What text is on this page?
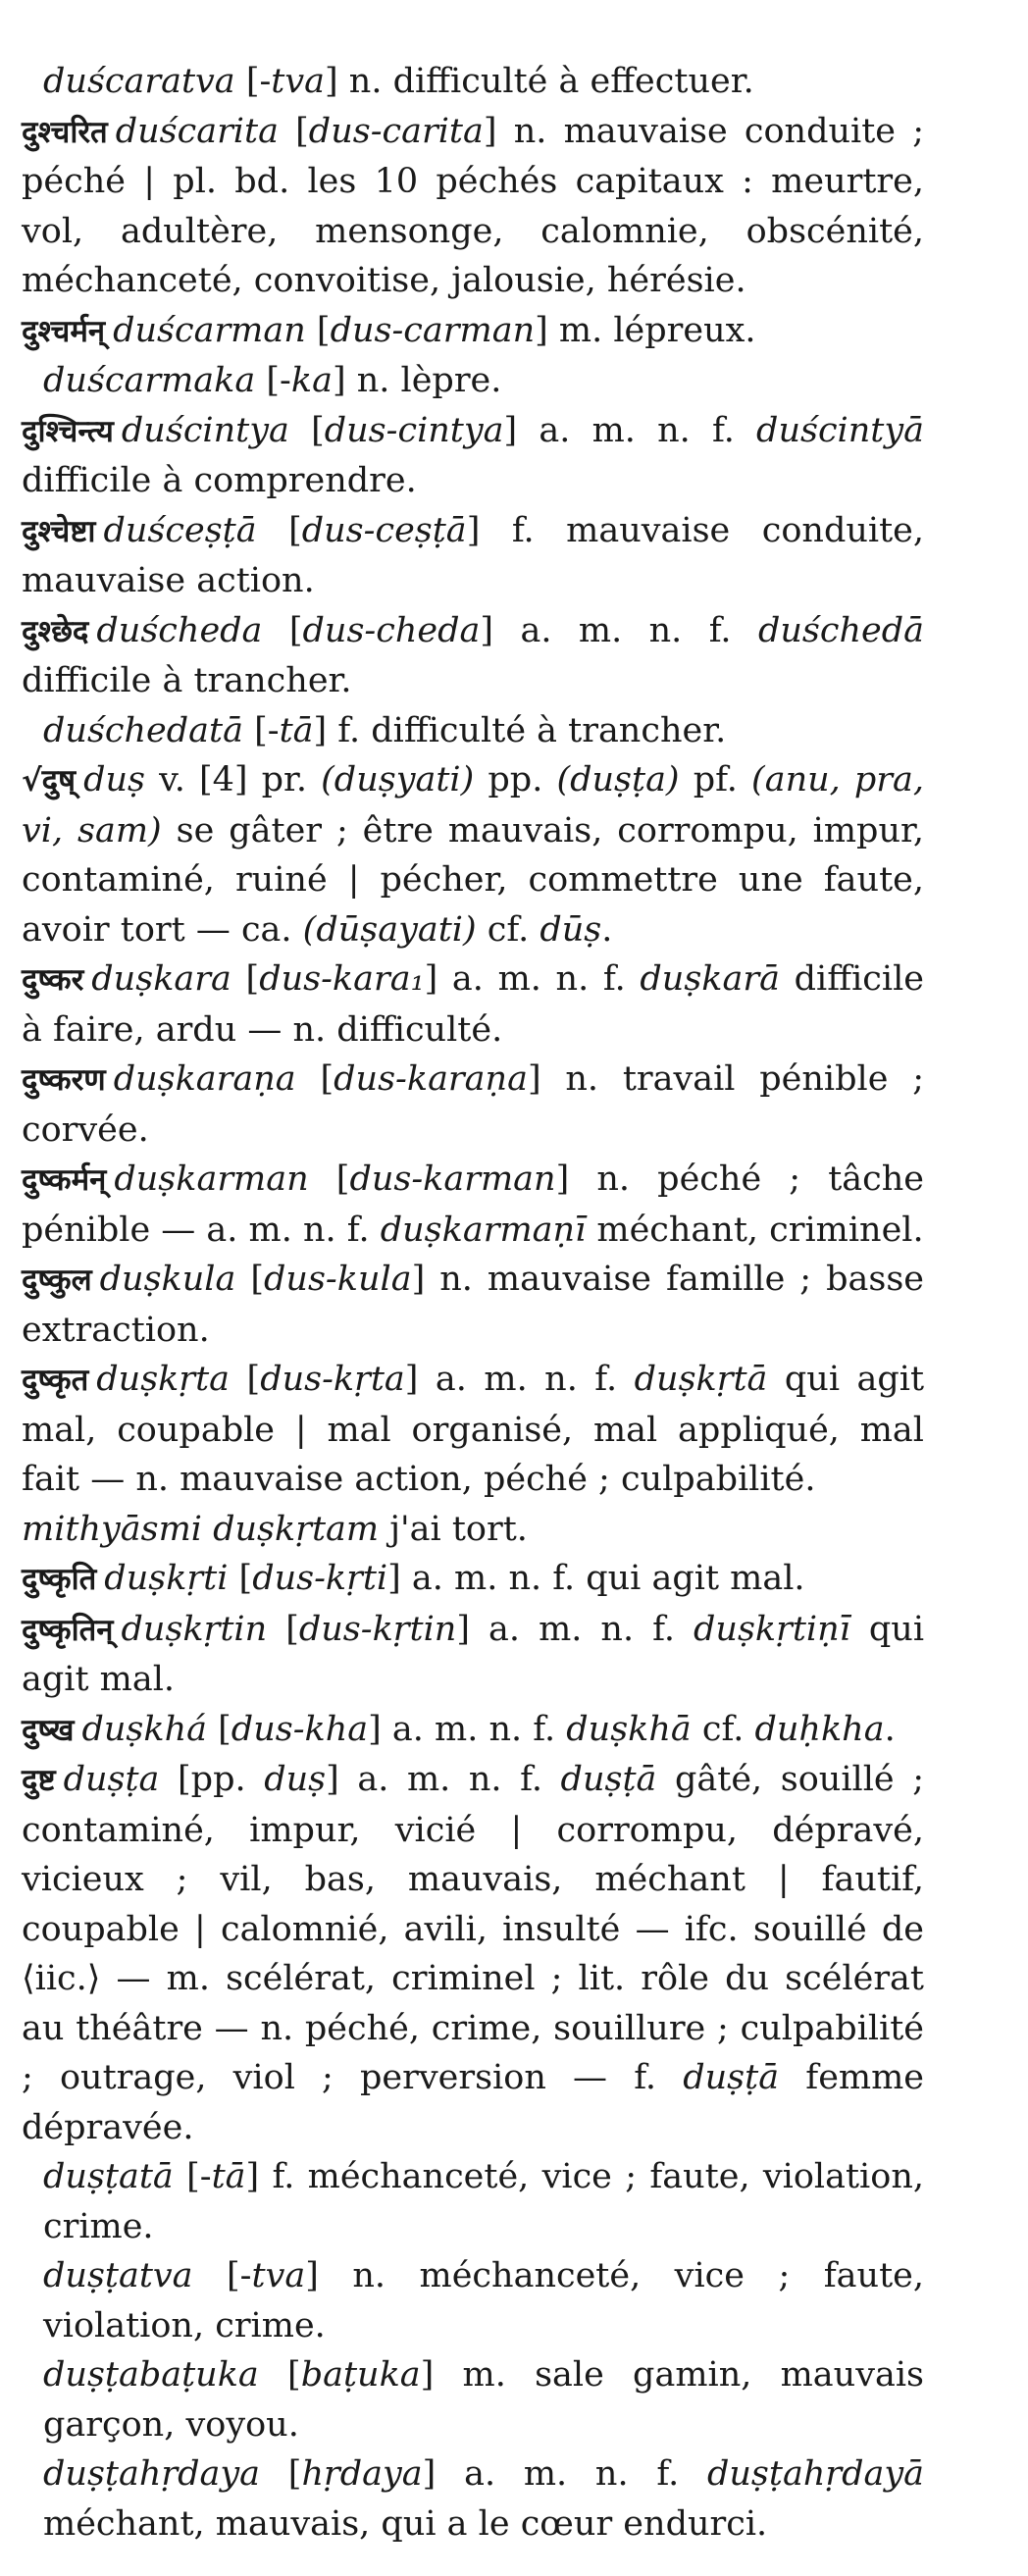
duścaratva [-tva] n. difficulté à effectuer.

दुश्चरित duścarita [dus-carita] n. mauvaise conduite ; péché | pl. bd. les 10 péchés capitaux : meurtre, vol, adultère, mensonge, calomnie, obscénité, méchanceté, convoitise, jalousie, hérésie.

दुश्चर्मन् duścarman [dus-carman] m. lépreux.

duścarmaka [-ka] n. lèpre.

दुश्चिन्त्य duścintya [dus-cintya] a. m. n. f. duścintyā difficile à comprendre.

दुश्चेष्टा duśceṣṭā [dus-ceṣṭā] f. mauvaise conduite, mauvaise action.

दुश्छेद duścheda [dus-cheda] a. m. n. f. duśchedā difficile à trancher.

duśchedatā [-tā] f. difficulté à trancher.

√दुष् duṣ v. [4] pr. (duṣyati) pp. (duṣṭa) pf. (anu, pra, vi, sam) se gâter ; être mauvais, corrompu, impur, contaminé, ruiné | pécher, commettre une faute, avoir tort — ca. (dūṣayati) cf. dūṣ.

दुष्कर duṣkara [dus-kara₁] a. m. n. f. duṣkarā difficile à faire, ardu — n. difficulté.

दुष्करण duṣkaraṇa [dus-karaṇa] n. travail pénible ; corvée.

दुष्कर्मन् duṣkarman [dus-karman] n. péché ; tâche pénible — a. m. n. f. duṣkarmaṇī méchant, criminel.

दुष्कुल duṣkula [dus-kula] n. mauvaise famille ; basse extraction.

दुष्कृत duṣkṛta [dus-kṛta] a. m. n. f. duṣkṛtā qui agit mal, coupable | mal organisé, mal appliqué, mal fait — n. mauvaise action, péché ; culpabilité.

mithyāsmi duṣkṛtam j'ai tort.

दुष्कृति duṣkṛti [dus-kṛti] a. m. n. f. qui agit mal.

दुष्कृतिन् duṣkṛtin [dus-kṛtin] a. m. n. f. duṣkṛtiṇī qui agit mal.

दुष्ख duṣkhá [dus-kha] a. m. n. f. duṣkhā cf. duḥkha.

दुष्ट duṣṭa [pp. duṣ] a. m. n. f. duṣṭā gâté, souillé ; contaminé, impur, vicié | corrompu, dépravé, vicieux ; vil, bas, mauvais, méchant | fautif, coupable | calomnié, avili, insulté — ifc. souillé de ⟨iic.⟩ — m. scélérat, criminel ; lit. rôle du scélérat au théâtre — n. péché, crime, souillure ; culpabilité ; outrage, viol ; perversion — f. duṣṭā femme dépravée.

duṣṭatā [-tā] f. méchanceté, vice ; faute, violation, crime.

duṣṭatva [-tva] n. méchanceté, vice ; faute, violation, crime.

duṣṭabaṭuka [baṭuka] m. sale gamin, mauvais garçon, voyou.

duṣṭahṛdaya [hṛdaya] a. m. n. f. duṣṭahṛdayā méchant, mauvais, qui a le cœur endurci.
